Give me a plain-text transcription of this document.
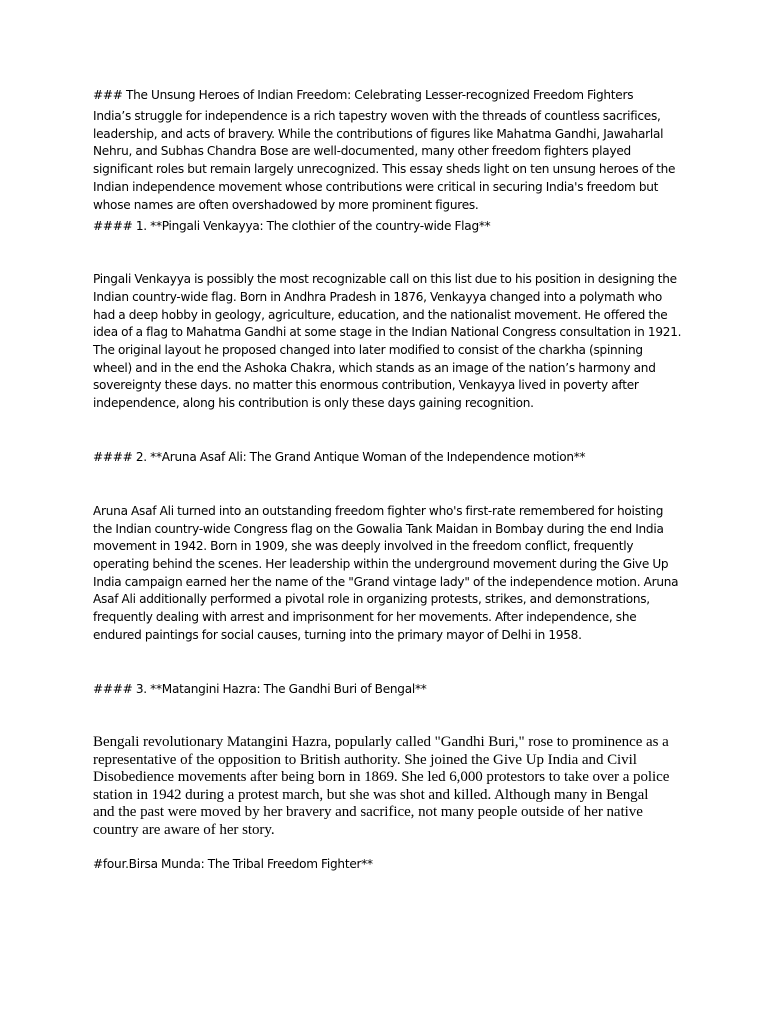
### The Unsung Heroes of Indian Freedom: Celebrating Lesser-recognized Freedom Fighters

India’s struggle for independence is a rich tapestry woven with the threads of countless sacrifices, leadership, and acts of bravery. While the contributions of figures like Mahatma Gandhi, Jawaharlal Nehru, and Subhas Chandra Bose are well-documented, many other freedom fighters played significant roles but remain largely unrecognized. This essay sheds light on ten unsung heroes of the Indian independence movement whose contributions were critical in securing India's freedom but whose names are often overshadowed by more prominent figures.

#### 1. **Pingali Venkayya: The clothier of the country-wide Flag**

Pingali Venkayya is possibly the most recognizable call on this list due to his position in designing the Indian country-wide flag. Born in Andhra Pradesh in 1876, Venkayya changed into a polymath who had a deep hobby in geology, agriculture, education, and the nationalist movement. He offered the idea of a flag to Mahatma Gandhi at some stage in the Indian National Congress consultation in 1921. The original layout he proposed changed into later modified to consist of the charkha (spinning wheel) and in the end the Ashoka Chakra, which stands as an image of the nation’s harmony and sovereignty these days. no matter this enormous contribution, Venkayya lived in poverty after independence, along his contribution is only these days gaining recognition.

#### 2. **Aruna Asaf Ali: The Grand Antique Woman of the Independence motion**

Aruna Asaf Ali turned into an outstanding freedom fighter who's first-rate remembered for hoisting the Indian country-wide Congress flag on the Gowalia Tank Maidan in Bombay during the end India movement in 1942. Born in 1909, she was deeply involved in the freedom conflict, frequently operating behind the scenes. Her leadership within the underground movement during the Give Up India campaign earned her the name of the "Grand vintage lady" of the independence motion. Aruna Asaf Ali additionally performed a pivotal role in organizing protests, strikes, and demonstrations, frequently dealing with arrest and imprisonment for her movements. After independence, she endured paintings for social causes, turning into the primary mayor of Delhi in 1958.

#### 3. **Matangini Hazra: The Gandhi Buri of Bengal**

Bengali revolutionary Matangini Hazra, popularly called "Gandhi Buri," rose to prominence as a representative of the opposition to British authority. She joined the Give Up India and Civil Disobedience movements after being born in 1869. She led 6,000 protestors to take over a police station in 1942 during a protest march, but she was shot and killed. Although many in Bengal and the past were moved by her bravery and sacrifice, not many people outside of her native country are aware of her story.

#four.Birsa Munda: The Tribal Freedom Fighter**
